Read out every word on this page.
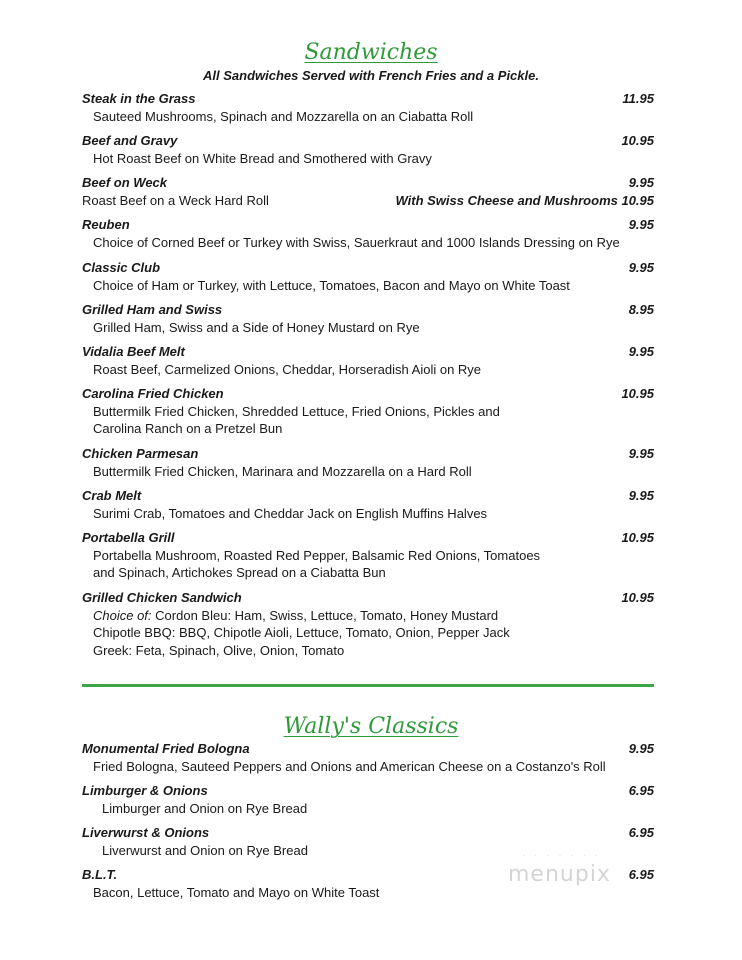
Sandwiches
All Sandwiches Served with French Fries and a Pickle.
Steak in the Grass	11.95
Sauteed Mushrooms, Spinach and Mozzarella on an Ciabatta Roll
Beef and Gravy	10.95
Hot Roast Beef on White Bread and Smothered with Gravy
Beef on Weck	9.95
Roast Beef on a Weck Hard Roll	With Swiss Cheese and Mushrooms 10.95
Reuben	9.95
Choice of Corned Beef or Turkey with Swiss, Sauerkraut and 1000 Islands Dressing on Rye
Classic Club	9.95
Choice of Ham or Turkey, with Lettuce, Tomatoes, Bacon and Mayo on White Toast
Grilled Ham and Swiss	8.95
Grilled Ham, Swiss and a Side of Honey Mustard on Rye
Vidalia Beef Melt	9.95
Roast Beef, Carmelized Onions, Cheddar, Horseradish Aioli on Rye
Carolina Fried Chicken	10.95
Buttermilk Fried Chicken, Shredded Lettuce, Fried Onions, Pickles and
Carolina Ranch on a Pretzel Bun
Chicken Parmesan	9.95
Buttermilk Fried Chicken, Marinara and Mozzarella on a Hard Roll
Crab Melt	9.95
Surimi Crab, Tomatoes and Cheddar Jack on English Muffins Halves
Portabella Grill	10.95
Portabella Mushroom, Roasted Red Pepper, Balsamic Red Onions, Tomatoes
and Spinach, Artichokes Spread on a Ciabatta Bun
Grilled Chicken Sandwich	10.95
Choice of: Cordon Bleu: Ham, Swiss, Lettuce, Tomato, Honey Mustard
Chipotle BBQ: BBQ, Chipotle Aioli, Lettuce, Tomato, Onion, Pepper Jack
Greek: Feta, Spinach, Olive, Onion, Tomato
Wally's Classics
Monumental Fried Bologna	9.95
Fried Bologna, Sauteed Peppers and Onions and American Cheese on a Costanzo's Roll
Limburger & Onions	6.95
Limburger and Onion on Rye Bread
Liverwurst & Onions	6.95
Liverwurst and Onion on Rye Bread
B.L.T.	6.95
Bacon, Lettuce, Tomato and Mayo on White Toast
· · · · · · ·
menupix
